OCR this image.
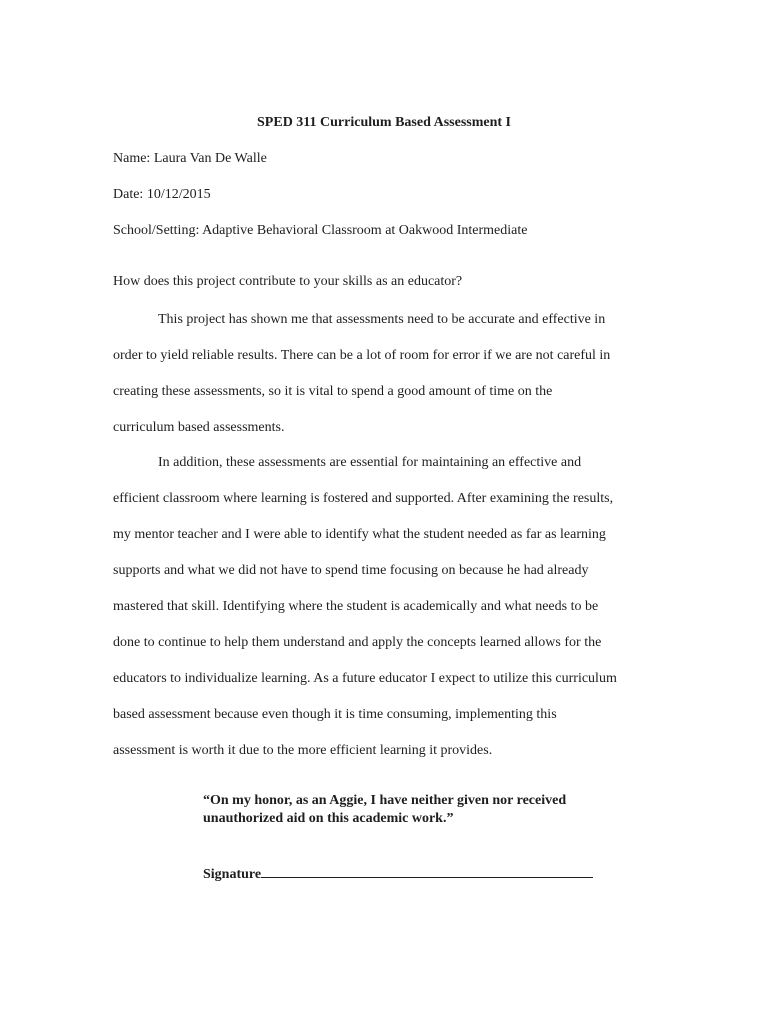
SPED 311 Curriculum Based Assessment I
Name: Laura Van De Walle
Date: 10/12/2015
School/Setting: Adaptive Behavioral Classroom at Oakwood Intermediate
How does this project contribute to your skills as an educator?
This project has shown me that assessments need to be accurate and effective in
order to yield reliable results. There can be a lot of room for error if we are not careful in
creating these assessments, so it is vital to spend a good amount of time on the
curriculum based assessments.
In addition, these assessments are essential for maintaining an effective and
efficient classroom where learning is fostered and supported. After examining the results,
my mentor teacher and I were able to identify what the student needed as far as learning
supports and what we did not have to spend time focusing on because he had already
mastered that skill. Identifying where the student is academically and what needs to be
done to continue to help them understand and apply the concepts learned allows for the
educators to individualize learning. As a future educator I expect to utilize this curriculum
based assessment because even though it is time consuming, implementing this
assessment is worth it due to the more efficient learning it provides.
“On my honor, as an Aggie, I have neither given nor received
unauthorized aid on this academic work.”
Signature
